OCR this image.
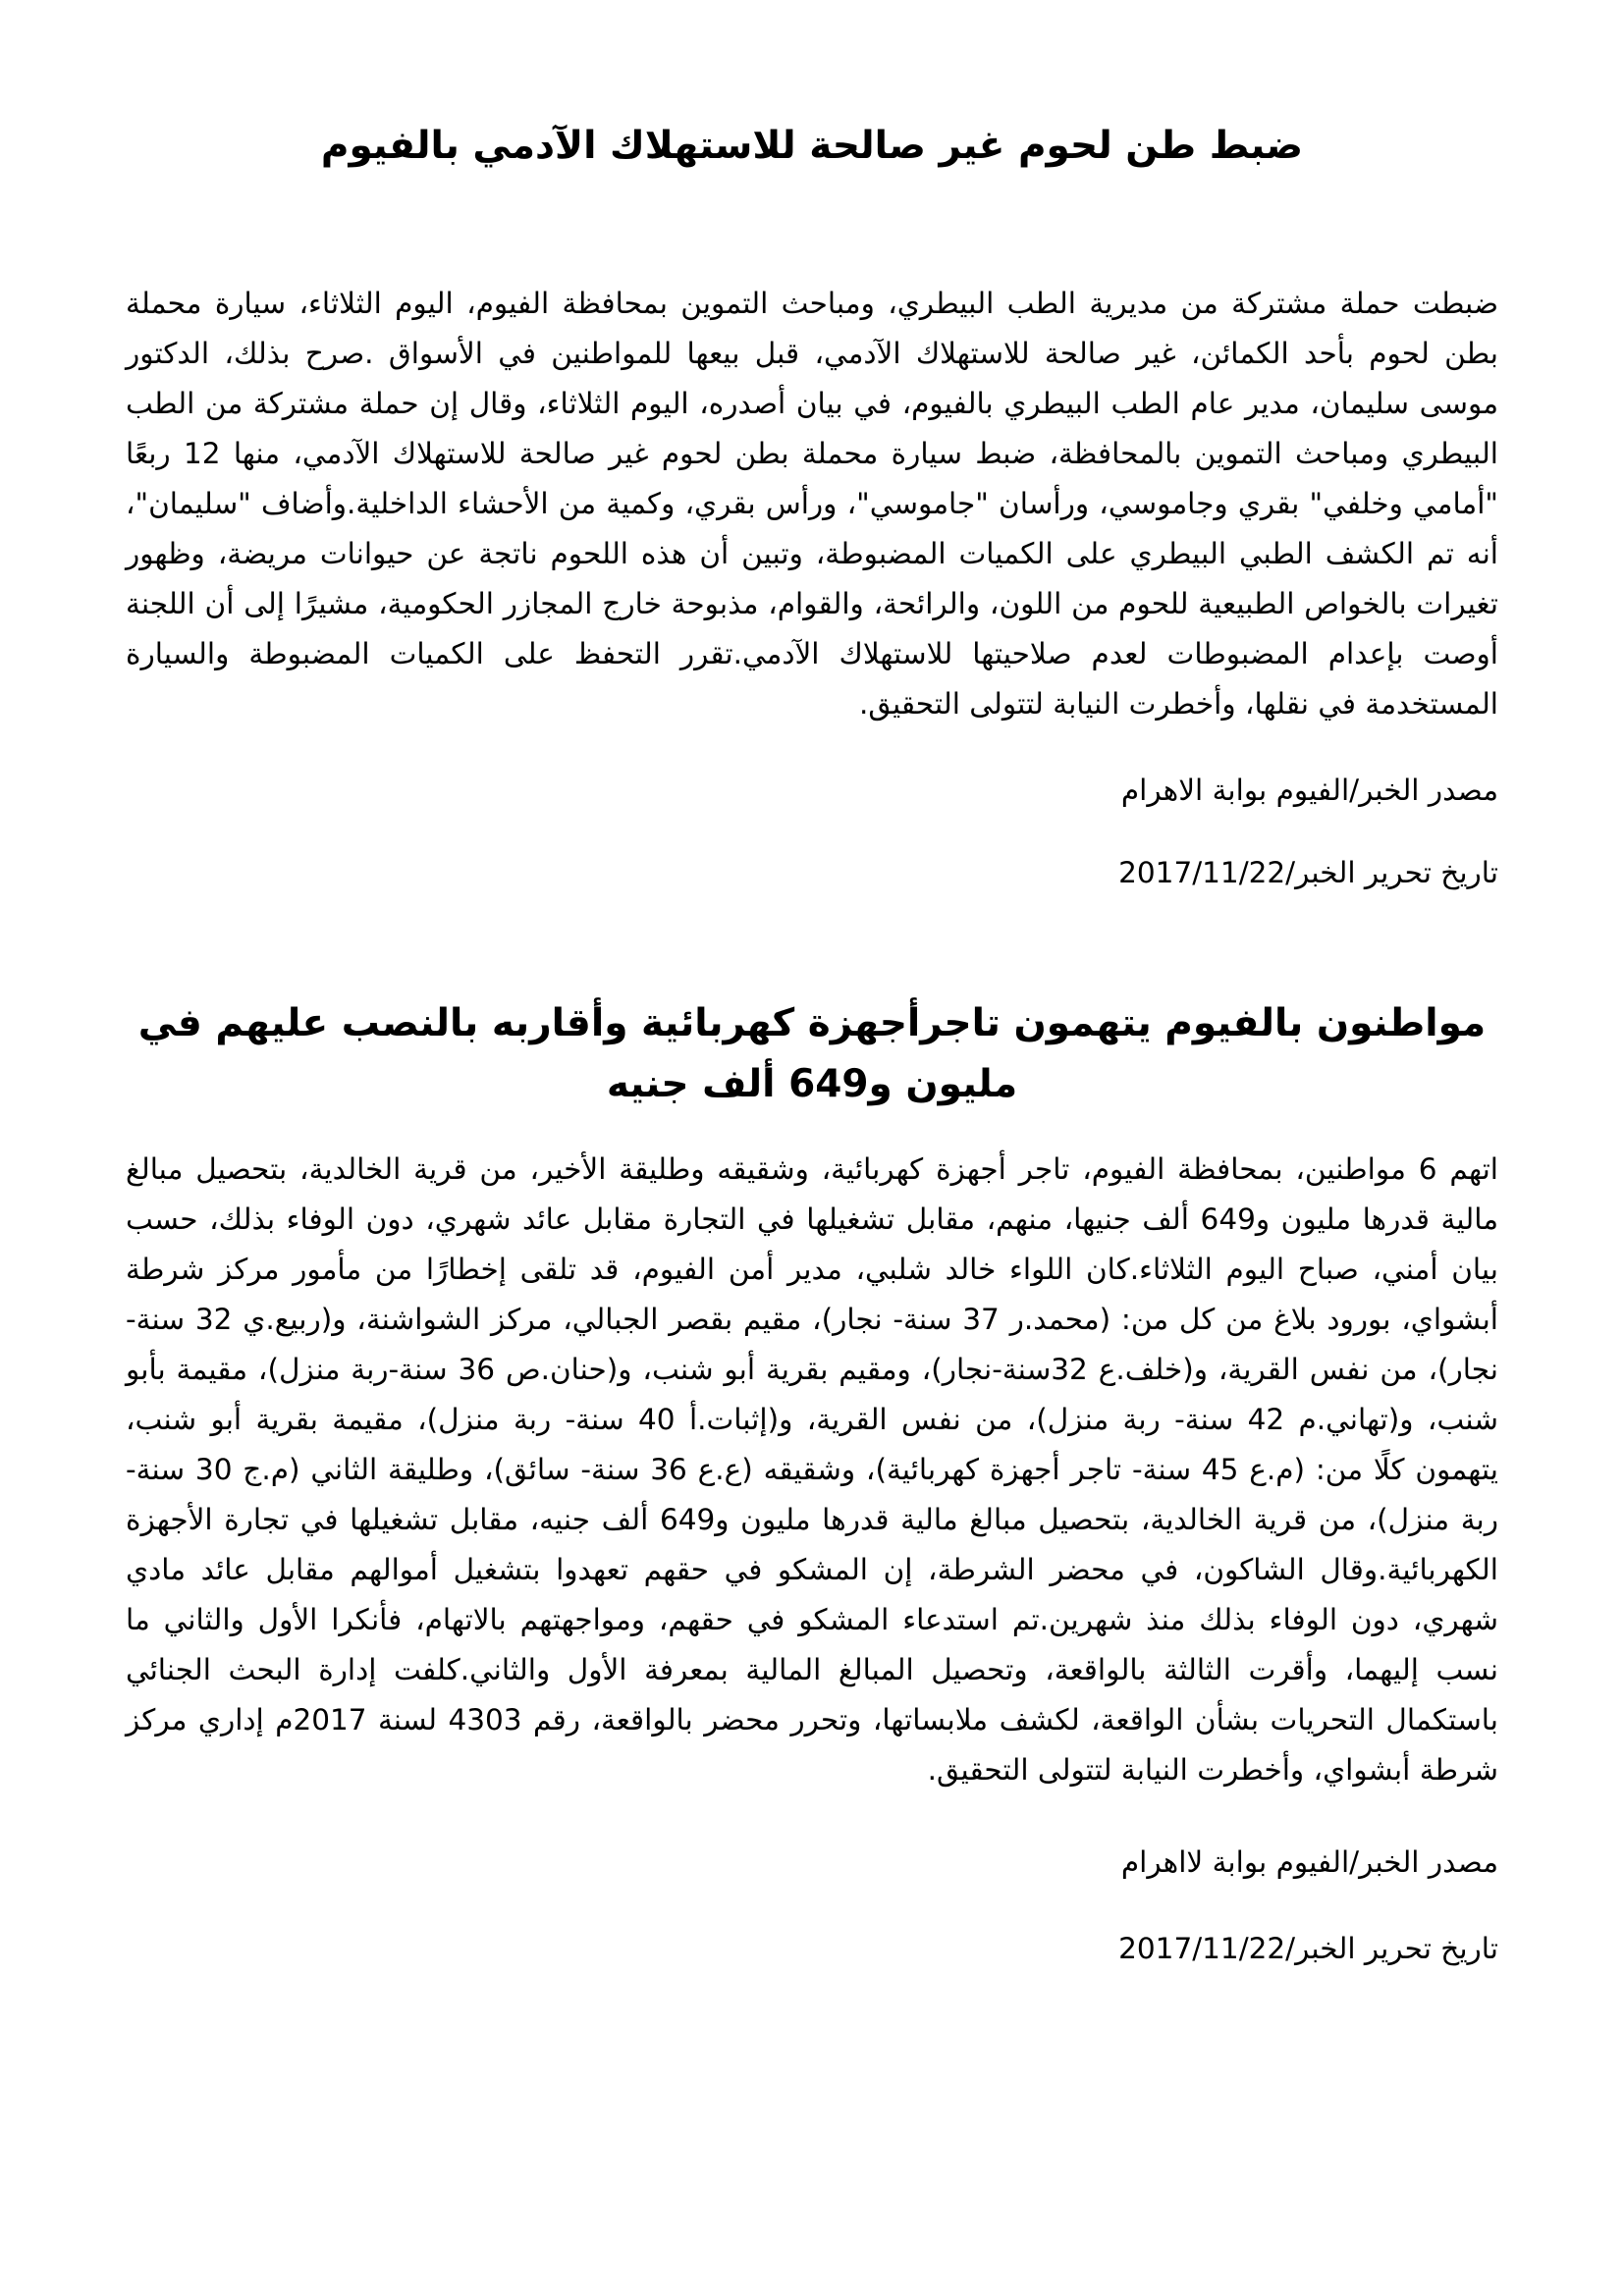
ضبط طن لحوم غير صالحة للاستهلاك الآدمي بالفيوم

ضبطت حملة مشتركة من مديرية الطب البيطري، ومباحث التموين بمحافظة الفيوم، اليوم الثلاثاء، سيارة محملة بطن لحوم بأحد الكمائن، غير صالحة للاستهلاك الآدمي، قبل بيعها للمواطنين في الأسواق .صرح بذلك، الدكتور موسى سليمان، مدير عام الطب البيطري بالفيوم، في بيان أصدره، اليوم الثلاثاء، وقال إن حملة مشتركة من الطب البيطري ومباحث التموين بالمحافظة، ضبط سيارة محملة بطن لحوم غير صالحة للاستهلاك الآدمي، منها 12 ربعًا "أمامي وخلفي" بقري وجاموسي، ورأسان "جاموسي"، ورأس بقري، وكمية من الأحشاء الداخلية.وأضاف "سليمان"، أنه تم الكشف الطبي البيطري على الكميات المضبوطة، وتبين أن هذه اللحوم ناتجة عن حيوانات مريضة، وظهور تغيرات بالخواص الطبيعية للحوم من اللون، والرائحة، والقوام، مذبوحة خارج المجازر الحكومية، مشيرًا إلى أن اللجنة أوصت بإعدام المضبوطات لعدم صلاحيتها للاستهلاك الآدمي.تقرر التحفظ على الكميات المضبوطة والسيارة المستخدمة في نقلها، وأخطرت النيابة لتتولى التحقيق.

مصدر الخبر/الفيوم بوابة الاهرام

تاريخ تحرير الخبر/2017/11/22

مواطنون بالفيوم يتهمون تاجرأجهزة كهربائية وأقاربه بالنصب عليهم في مليون و649 ألف جنيه

اتهم 6 مواطنين، بمحافظة الفيوم، تاجر أجهزة كهربائية، وشقيقه وطليقة الأخير، من قرية الخالدية، بتحصيل مبالغ مالية قدرها مليون و649 ألف جنيها، منهم، مقابل تشغيلها في التجارة مقابل عائد شهري، دون الوفاء بذلك، حسب بيان أمني، صباح اليوم الثلاثاء.كان اللواء خالد شلبي، مدير أمن الفيوم، قد تلقى إخطارًا من مأمور مركز شرطة أبشواي، بورود بلاغ من كل من: (محمد.ر 37 سنة- نجار)، مقيم بقصر الجبالي، مركز الشواشنة، و(ربيع.ي 32 سنة- نجار)، من نفس القرية، و(خلف.ع 32سنة-نجار)، ومقيم بقرية أبو شنب، و(حنان.ص 36 سنة-ربة منزل)، مقيمة بأبو شنب، و(تهاني.م 42 سنة- ربة منزل)، من نفس القرية، و(إثبات.أ 40 سنة- ربة منزل)، مقيمة بقرية أبو شنب، يتهمون كلًا من: (م.ع 45 سنة- تاجر أجهزة كهربائية)، وشقيقه (ع.ع 36 سنة- سائق)، وطليقة الثاني (م.ج 30 سنة- ربة منزل)، من قرية الخالدية، بتحصيل مبالغ مالية قدرها مليون و649 ألف جنيه، مقابل تشغيلها في تجارة الأجهزة الكهربائية.وقال الشاكون، في محضر الشرطة، إن المشكو في حقهم تعهدوا بتشغيل أموالهم مقابل عائد مادي شهري، دون الوفاء بذلك منذ شهرين.تم استدعاء المشكو في حقهم، ومواجهتهم بالاتهام، فأنكرا الأول والثاني ما نسب إليهما، وأقرت الثالثة بالواقعة، وتحصيل المبالغ المالية بمعرفة الأول والثاني.كلفت إدارة البحث الجنائي باستكمال التحريات بشأن الواقعة، لكشف ملابساتها، وتحرر محضر بالواقعة، رقم 4303 لسنة 2017م إداري مركز شرطة أبشواي، وأخطرت النيابة لتتولى التحقيق.

مصدر الخبر/الفيوم بوابة لااهرام

تاريخ تحرير الخبر/2017/11/22
